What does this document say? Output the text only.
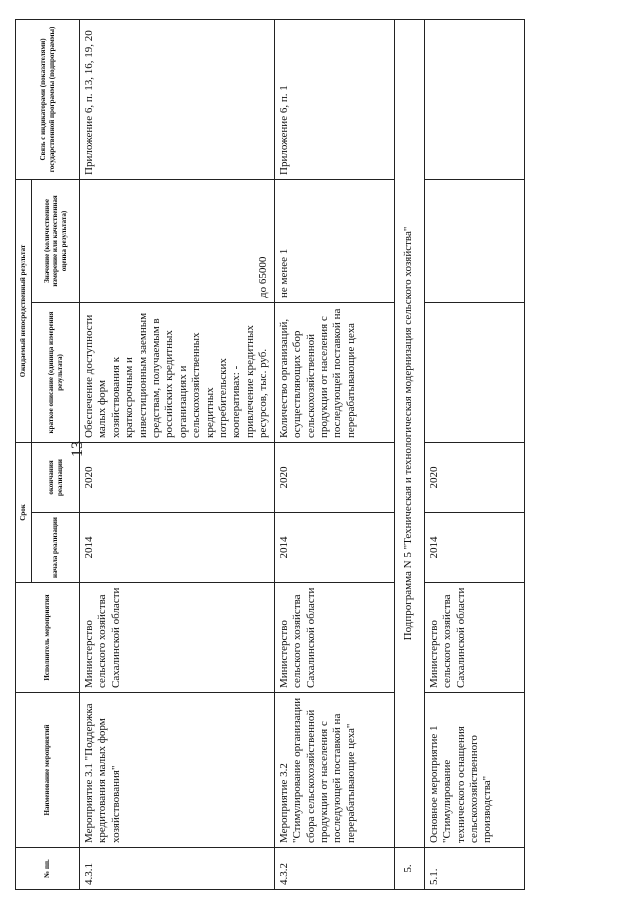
13
№ пп.	Наименование мероприятий	Исполнитель мероприятия	Срок		Ожидаемый непосредственный результат		Связь с индикаторами (показателями) государственной программы (подпрограммы)
			начала реализации	окончания реализации	краткое описание (единица измерения результата)	Значение (количественное измерение или качественная оценка результата)	
4.3.1	Мероприятие 3.1 "Поддержка кредитования малых форм хозяйствования"	Министерство сельского хозяйства Сахалинской области	2014	2020	Обеспечение доступности малых форм хозяйствования к краткосрочным и инвестиционным заемным средствам, получаемым в российских кредитных организациях и сельскохозяйственных кредитных потребительских кооперативах: - привлечение кредитных ресурсов, тыс. руб.	до 65000	Приложение 6, п. 13, 16, 19, 20
4.3.2	Мероприятие 3.2 "Стимулирование организации сбора сельскохозяйственной продукции от населения с последующей поставкой на перерабатывающие цеха"	Министерство сельского хозяйства Сахалинской области	2014	2020	Количество организаций, осуществляющих сбор сельскохозяйственной продукции от населения с последующей поставкой на перерабатывающие цеха	не менее 1	Приложение 6, п. 1
5.	Подпрограмма N 5 "Техническая и технологическая модернизация сельского хозяйства"						
5.1.	Основное мероприятие 1 "Стимулирование технического оснащения сельскохозяйственного производства"	Министерство сельского хозяйства Сахалинской области	2014	2020			
